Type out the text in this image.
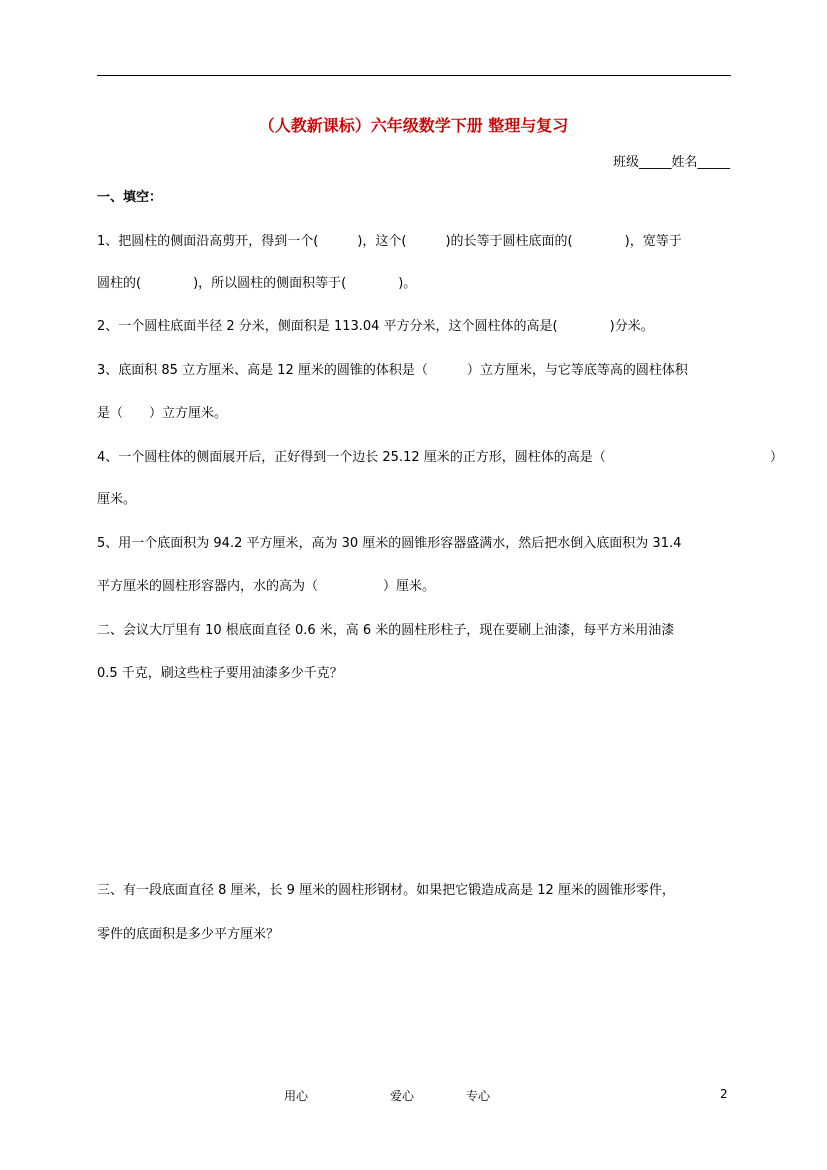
（人教新课标）六年级数学下册 整理与复习
班级_____姓名_____
一、填空：
1、把圆柱的侧面沿高剪开，得到一个(　　　)，这个(　　　)的长等于圆柱底面的(　　　　)，宽等于
圆柱的(　　　　)，所以圆柱的侧面积等于(　　　　)。
2、一个圆柱底面半径 2 分米，侧面积是 113.04 平方分米，这个圆柱体的高是(　　　　)分米。
3、底面积 85 立方厘米、高是 12 厘米的圆锥的体积是（　　　）立方厘米，与它等底等高的圆柱体积
是（　　）立方厘米。
4、一个圆柱体的侧面展开后，正好得到一个边长 25.12 厘米的正方形，圆柱体的高是（	）
厘米。
5、用一个底面积为 94.2 平方厘米，高为 30 厘米的圆锥形容器盛满水，然后把水倒入底面积为 31.4
平方厘米的圆柱形容器内，水的高为（　　　　　）厘米。
二、会议大厅里有 10 根底面直径 0.6 米，高 6 米的圆柱形柱子，现在要刷上油漆，每平方米用油漆
0.5 千克，刷这些柱子要用油漆多少千克？
三、有一段底面直径 8 厘米，长 9 厘米的圆柱形钢材。如果把它锻造成高是 12 厘米的圆锥形零件，
零件的底面积是多少平方厘米？
用心	爱心	专心	2
